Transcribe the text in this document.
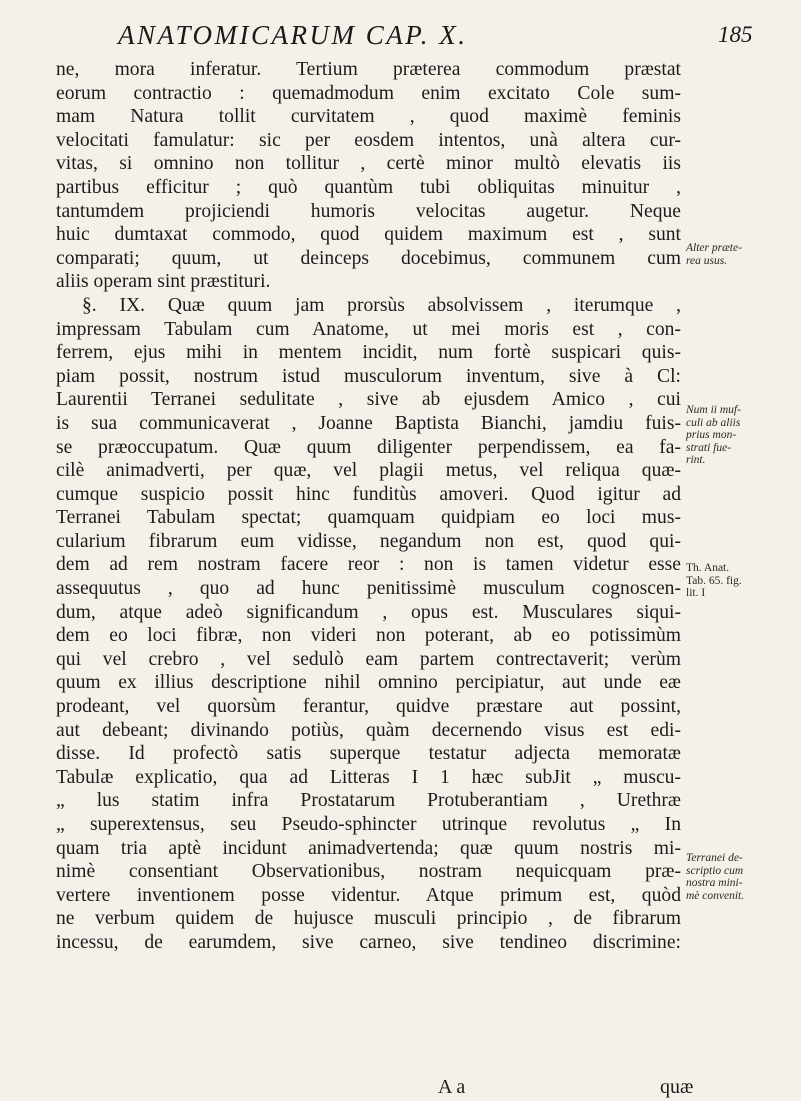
ANATOMICARUM CAP. X.	185
ne, mora inferatur. Tertium præterea commodum præstat
eorum contractio : quemadmodum enim excitato Cole sum-
mam Natura tollit curvitatem , quod maximè feminis
velocitati famulatur: sic per eosdem intentos, unà altera cur-
vitas, si omnino non tollitur , certè minor multò elevatis iis
partibus efficitur ; quò quantùm tubi obliquitas minuitur ,
tantumdem projiciendi humoris velocitas augetur. Neque
huic dumtaxat commodo, quod quidem maximum est , sunt
comparati; quum, ut deinceps docebimus, communem cum
aliis operam sint præstituri.
§. IX. Quæ quum jam prorsùs absolvissem , iterumque ,
impressam Tabulam cum Anatome, ut mei moris est , con-
ferrem, ejus mihi in mentem incidit, num fortè suspicari quis-
piam possit, nostrum istud musculorum inventum, sive à Cl:
Laurentii Terranei sedulitate , sive ab ejusdem Amico , cui
is sua communicaverat , Joanne Baptista Bianchi, jamdiu fuis-
se præoccupatum. Quæ quum diligenter perpendissem, ea fa-
cilè animadverti, per quæ, vel plagii metus, vel reliqua quæ-
cumque suspicio possit hinc funditùs amoveri. Quod igitur ad
Terranei Tabulam spectat; quamquam quidpiam eo loci mus-
cularium fibrarum eum vidisse, negandum non est, quod qui-
dem ad rem nostram facere reor : non is tamen videtur esse
assequutus , quo ad hunc penitissimè musculum cognoscen-
dum, atque adeò significandum , opus est. Musculares siqui-
dem eo loci fibræ, non videri non poterant, ab eo potissimùm
qui vel crebro , vel sedulò eam partem contrectaverit; verùm
quum ex illius descriptione nihil omnino percipiatur, aut unde eæ
prodeant, vel quorsùm ferantur, quidve præstare aut possint,
aut debeant; divinando potiùs, quàm decernendo visus est edi-
disse. Id profectò satis superque testatur adjecta memoratæ
Tabulæ explicatio, qua ad Litteras I 1 hæc subJit „ muscu-
„ lus statim infra Prostatarum Protuberantiam , Urethræ
„ superextensus, seu Pseudo-sphincter utrinque revolutus „ In
quam tria aptè incidunt animadvertenda; quæ quum nostris mi-
nimè consentiant Observationibus, nostram nequicquam præ-
vertere inventionem posse videntur. Atque primum est, quòd
ne verbum quidem de hujusce musculi principio , de fibrarum
incessu, de earumdem, sive carneo, sive tendineo discrimine:
Alter præte-
rea usus.
Num ii muf-
culi ab aliis
prius mon-
strati fue-
rint.
Th. Anat.
Tab. 65. fig.
lit. I
Terranei de-
scriptio cum
nostra mini-
mè convenit.
A a	quæ
